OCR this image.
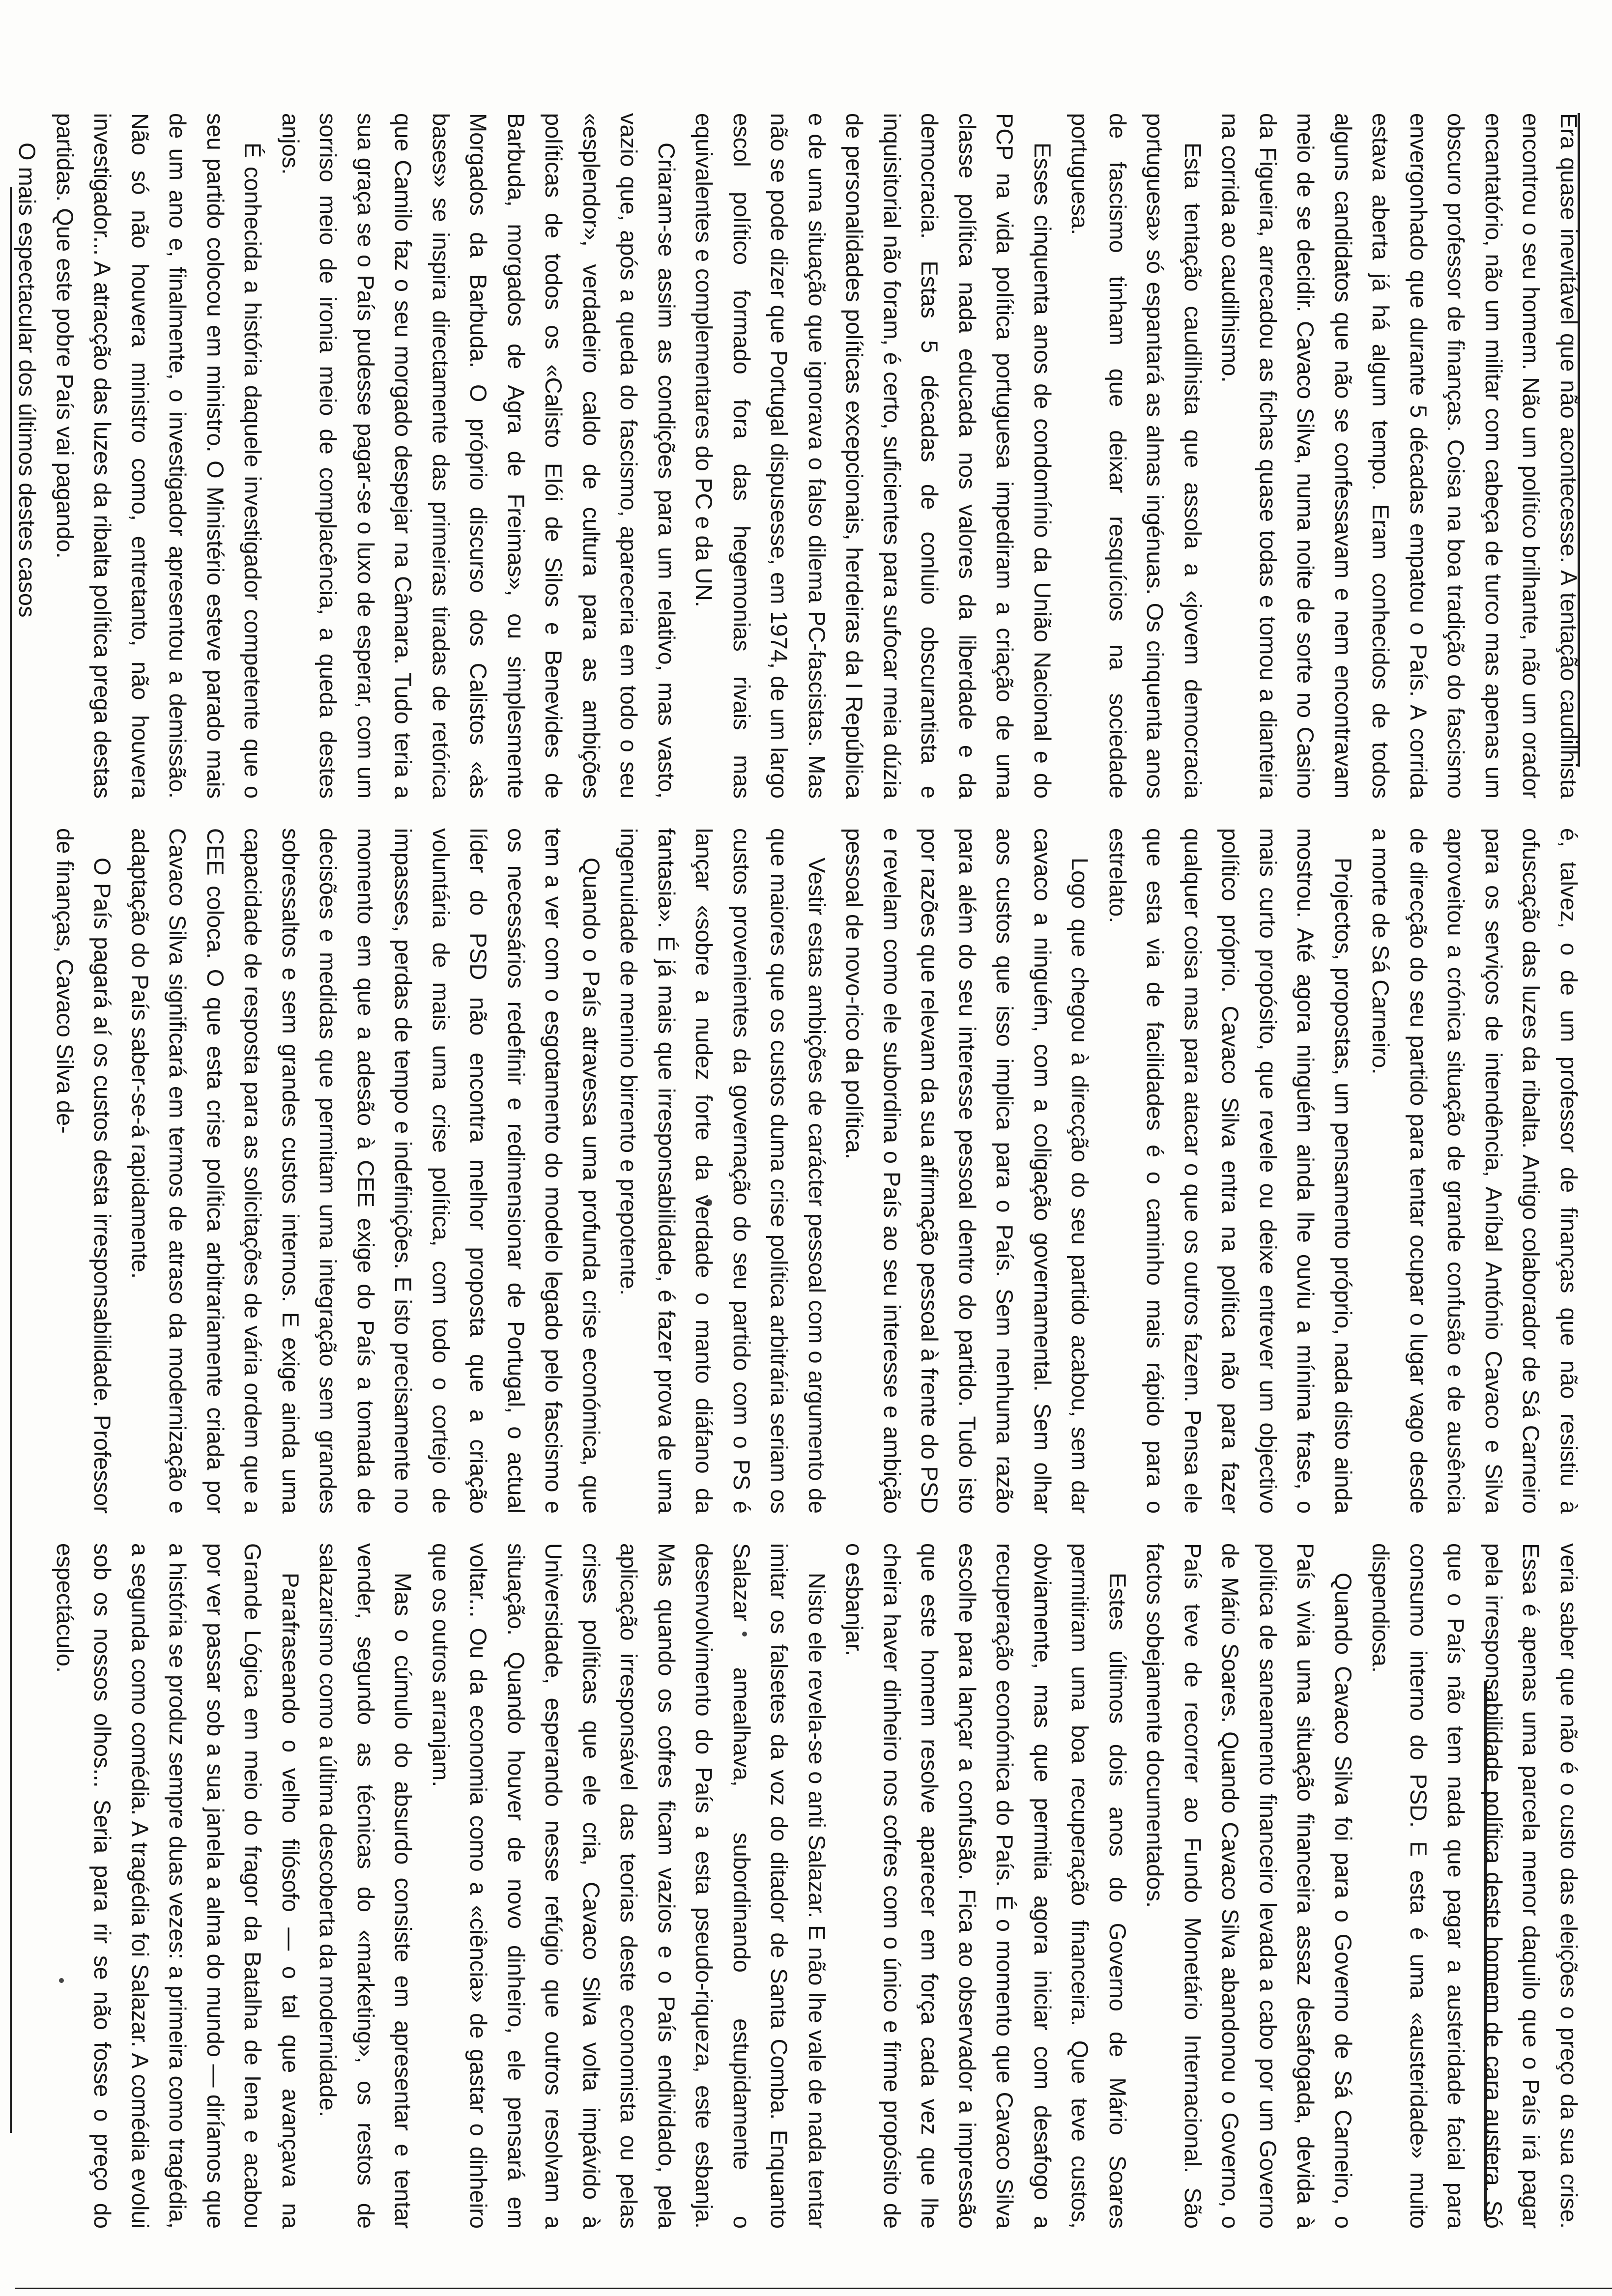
Era quase inevitável que não acontecesse. A tentação caudilhista encontrou o seu homem. Não um político brilhante, não um orador encantatório, não um militar com cabeça de turco mas apenas um obscuro professor de finanças. Coisa na boa tradição do fascismo envergonhado que durante 5 décadas empatou o País. A corrida estava aberta já há algum tempo. Eram conhecidos de todos alguns candidatos que não se confessavam e nem encontravam meio de se decidir. Cavaco Silva, numa noite de sorte no Casino da Figueira, arrecadou as fichas quase todas e tomou a dianteira na corrida ao caudilhismo.

Esta tentação caudilhista que assola a «jovem democracia portuguesa» só espantará as almas ingénuas. Os cinquenta anos de fascismo tinham que deixar resquícios na sociedade portuguesa.

Esses cinquenta anos de condomínio da União Nacional e do PCP na vida política portuguesa impediram a criação de uma classe política nada educada nos valores da liberdade e da democracia. Estas 5 décadas de conluio obscurantista e inquisitorial não foram, é certo, suficientes para sufocar meia dúzia de personalidades políticas excepcionais, herdeiras da I República e de uma situação que ignorava o falso dilema PC-fascistas. Mas não se pode dizer que Portugal dispusesse, em 1974, de um largo escol político formado fora das hegemonias rivais mas equivalentes e complementares do PC e da UN.

Criaram-se assim as condições para um relativo, mas vasto, vazio que, após a queda do fascismo, apareceria em todo o seu «esplendor», verdadeiro caldo de cultura para as ambições políticas de todos os «Calisto Elói de Silos e Benevides de Barbuda, morgados de Agra de Freimas», ou simplesmente Morgados da Barbuda. O próprio discurso dos Calistos «às bases» se inspira directamente das primeiras tiradas de retórica que Camilo faz o seu morgado despejar na Câmara. Tudo teria a sua graça se o País pudesse pagar-se o luxo de esperar, com um sorriso meio de ironia meio de complacência, a queda destes anjos.

É conhecida a história daquele investigador competente que o seu partido colocou em ministro. O Ministério esteve parado mais de um ano e, finalmente, o investigador apresentou a demissão. Não só não houvera ministro como, entretanto, não houvera investigador... A atracção das luzes da ribalta política prega destas partidas. Que este pobre País vai pagando.

O mais espectacular dos últimos destes casos

é, talvez, o de um professor de finanças que não resistiu à ofuscação das luzes da ribalta. Antigo colaborador de Sá Carneiro para os serviços de intendência, Aníbal António Cavaco e Silva aproveitou a crónica situação de grande confusão e de ausência de direcção do seu partido para tentar ocupar o lugar vago desde a morte de Sá Carneiro.

Projectos, propostas, um pensamento próprio, nada disto ainda mostrou. Até agora ninguém ainda lhe ouviu a mínima frase, o mais curto propósito, que revele ou deixe entrever um objectivo político próprio. Cavaco Silva entra na política não para fazer qualquer coisa mas para atacar o que os outros fazem. Pensa ele que esta via de facilidades é o caminho mais rápido para o estrelato.

Logo que chegou à direcção do seu partido acabou, sem dar cavaco a ninguém, com a coligação governamental. Sem olhar aos custos que isso implica para o País. Sem nenhuma razão para além do seu interesse pessoal dentro do partido. Tudo isto por razões que relevam da sua afirmação pessoal à frente do PSD e revelam como ele subordina o País ao seu interesse e ambição pessoal de novo-rico da política.

Vestir estas ambições de carácter pessoal com o argumento de que maiores que os custos duma crise política arbitrária seriam os custos provenientes da governação do seu partido com o PS é lançar «sobre a nudez forte da verdade o manto diáfano da fantasia». É já mais que irresponsabilidade, é fazer prova de uma ingenuidade de menino birrento e prepotente.

Quando o País atravessa uma profunda crise económica, que tem a ver com o esgotamento do modelo legado pelo fascismo e os necessários redefinir e redimensionar de Portugal, o actual líder do PSD não encontra melhor proposta que a criação voluntária de mais uma crise política, com todo o cortejo de impasses, perdas de tempo e indefinições. E isto precisamente no momento em que a adesão à CEE exige do País a tomada de decisões e medidas que permitam uma integração sem grandes sobressaltos e sem grandes custos internos. E exige ainda uma capacidade de resposta para as solicitações de vária ordem que a CEE coloca. O que esta crise política arbitrariamente criada por Cavaco Silva significará em termos de atraso da modernização e adaptação do País saber-se-á rapidamente.

O País pagará aí os custos desta irresponsabilidade. Professor de finanças, Cavaco Silva de-

veria saber que não é o custo das eleições o preço da sua crise. Essa é apenas uma parcela menor daquilo que o País irá pagar pela irresponsabilidade política deste homem de cara austera. Só que o País não tem nada que pagar a austeridade facial para consumo interno do PSD. E esta é uma «austeridade» muito dispendiosa.

Quando Cavaco Silva foi para o Governo de Sá Carneiro, o País vivia uma situação financeira assaz desafogada, devida à política de saneamento financeiro levada a cabo por um Governo de Mário Soares. Quando Cavaco Silva abandonou o Governo, o País teve de recorrer ao Fundo Monetário Internacional. São factos sobejamente documentados.

Estes últimos dois anos do Governo de Mário Soares permitiram uma boa recuperação financeira. Que teve custos, obviamente, mas que permitia agora iniciar com desafogo a recuperação económica do País. É o momento que Cavaco Silva escolhe para lançar a confusão. Fica ao observador a impressão que este homem resolve aparecer em força cada vez que lhe cheira haver dinheiro nos cofres com o único e firme propósito de o esbanjar.

Nisto ele revela-se o anti Salazar. E não lhe vale de nada tentar imitar os falsetes da voz do ditador de Santa Comba. Enquanto Salazar amealhava, subordinando estupidamente o desenvolvimento do País a esta pseudo-riqueza, este esbanja. Mas quando os cofres ficam vazios e o País endividado, pela aplicação irresponsável das teorias deste economista ou pelas crises políticas que ele cria, Cavaco Silva volta impávido à Universidade, esperando nesse refúgio que outros resolvam a situação. Quando houver de novo dinheiro, ele pensará em voltar... Ou da economia como a «ciência» de gastar o dinheiro que os outros arranjam.

Mas o cúmulo do absurdo consiste em apresentar e tentar vender, segundo as técnicas do «marketing», os restos de salazarismo como a última descoberta da modernidade.

Parafraseando o velho filósofo — o tal que avançava na Grande Lógica em meio do fragor da Batalha de Iena e acabou por ver passar sob a sua janela a alma do mundo — diríamos que a história se produz sempre duas vezes: a primeira como tragédia, a segunda como comédia. A tragédia foi Salazar. A comédia evolui sob os nossos olhos... Seria para rir se não fosse o preço do espectáculo.
